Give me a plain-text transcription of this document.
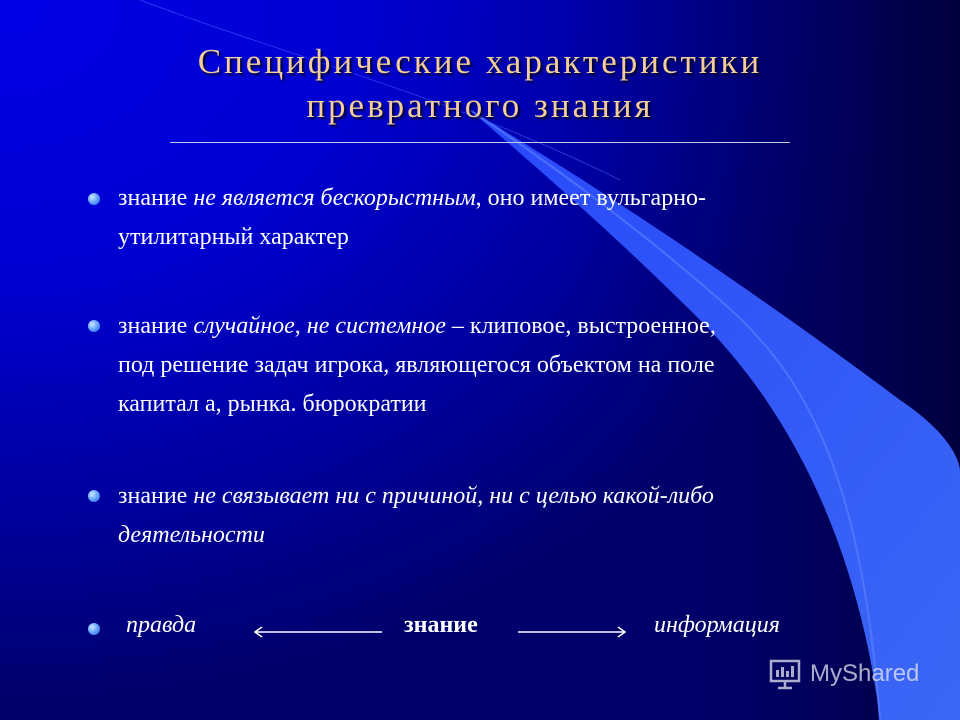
Специфические характеристики
превратного знания
знание не является бескорыстным, оно имеет вульгарно-
утилитарный характер
знание случайное, не системное – клиповое, выстроенное,
под решение задач игрока, являющегося объектом на поле
капитал а, рынка. бюрократии
знание не связывает ни с причиной, ни с целью какой-либо
деятельности
правда	знание	информация
MyShared
